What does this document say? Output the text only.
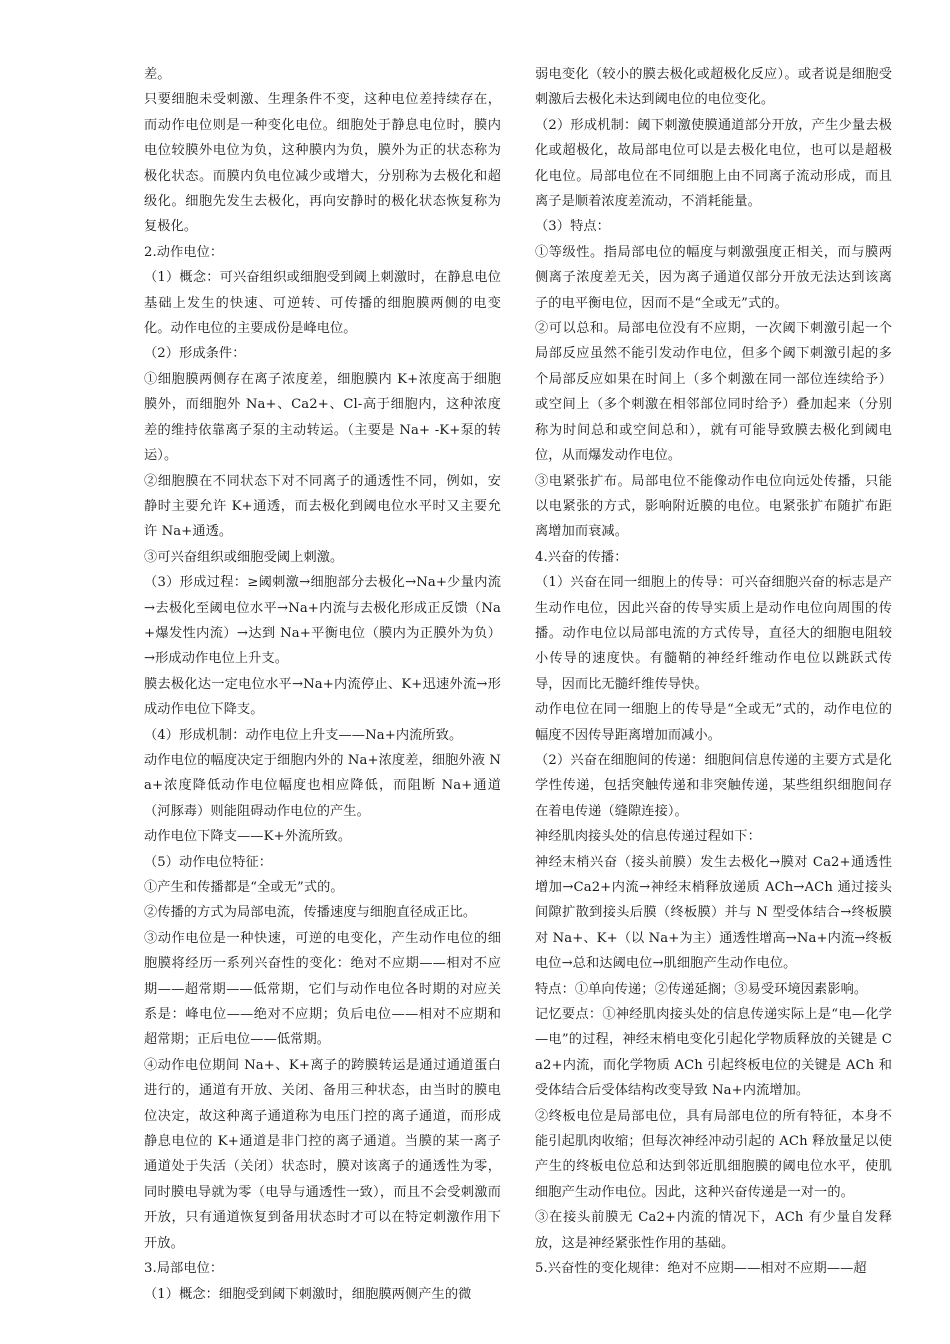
差。

只要细胞未受刺激、生理条件不变，这种电位差持续存在，而动作电位则是一种变化电位。细胞处于静息电位时，膜内电位较膜外电位为负，这种膜内为负，膜外为正的状态称为极化状态。而膜内负电位减少或增大，分别称为去极化和超级化。细胞先发生去极化，再向安静时的极化状态恢复称为复极化。

2.动作电位：

（1）概念：可兴奋组织或细胞受到阈上刺激时，在静息电位基础上发生的快速、可逆转、可传播的细胞膜两侧的电变化。动作电位的主要成份是峰电位。

（2）形成条件：

①细胞膜两侧存在离子浓度差，细胞膜内 K+浓度高于细胞膜外，而细胞外 Na+、Ca2+、Cl-高于细胞内，这种浓度差的维持依靠离子泵的主动转运。（主要是 Na+ -K+泵的转运）。

②细胞膜在不同状态下对不同离子的通透性不同，例如，安静时主要允许 K+通透，而去极化到阈电位水平时又主要允许 Na+通透。

③可兴奋组织或细胞受阈上刺激。

（3）形成过程：≥阈刺激→细胞部分去极化→Na+少量内流→去极化至阈电位水平→Na+内流与去极化形成正反馈（Na+爆发性内流）→达到 Na+平衡电位（膜内为正膜外为负）→形成动作电位上升支。

膜去极化达一定电位水平→Na+内流停止、K+迅速外流→形成动作电位下降支。

（4）形成机制：动作电位上升支——Na+内流所致。

动作电位的幅度决定于细胞内外的 Na+浓度差，细胞外液 Na+浓度降低动作电位幅度也相应降低，而阻断 Na+通道（河豚毒）则能阻碍动作电位的产生。

动作电位下降支——K+外流所致。

（5）动作电位特征：

①产生和传播都是“全或无”式的。

②传播的方式为局部电流，传播速度与细胞直径成正比。

③动作电位是一种快速，可逆的电变化，产生动作电位的细胞膜将经历一系列兴奋性的变化：绝对不应期——相对不应期——超常期——低常期，它们与动作电位各时期的对应关系是：峰电位——绝对不应期；负后电位——相对不应期和超常期；正后电位——低常期。

④动作电位期间 Na+、K+离子的跨膜转运是通过通道蛋白进行的，通道有开放、关闭、备用三种状态，由当时的膜电位决定，故这种离子通道称为电压门控的离子通道，而形成静息电位的 K+通道是非门控的离子通道。当膜的某一离子通道处于失活（关闭）状态时，膜对该离子的通透性为零，同时膜电导就为零（电导与通透性一致），而且不会受刺激而开放，只有通道恢复到备用状态时才可以在特定刺激作用下开放。

3.局部电位：

（1）概念：细胞受到阈下刺激时，细胞膜两侧产生的微

弱电变化（较小的膜去极化或超极化反应）。或者说是细胞受刺激后去极化未达到阈电位的电位变化。

（2）形成机制：阈下刺激使膜通道部分开放，产生少量去极化或超极化，故局部电位可以是去极化电位，也可以是超极化电位。局部电位在不同细胞上由不同离子流动形成，而且离子是顺着浓度差流动，不消耗能量。

（3）特点：

①等级性。指局部电位的幅度与刺激强度正相关，而与膜两侧离子浓度差无关，因为离子通道仅部分开放无法达到该离子的电平衡电位，因而不是“全或无”式的。

②可以总和。局部电位没有不应期，一次阈下刺激引起一个局部反应虽然不能引发动作电位，但多个阈下刺激引起的多个局部反应如果在时间上（多个刺激在同一部位连续给予）或空间上（多个刺激在相邻部位同时给予）叠加起来（分别称为时间总和或空间总和），就有可能导致膜去极化到阈电位，从而爆发动作电位。

③电紧张扩布。局部电位不能像动作电位向远处传播，只能以电紧张的方式，影响附近膜的电位。电紧张扩布随扩布距离增加而衰减。

4.兴奋的传播：

（1）兴奋在同一细胞上的传导：可兴奋细胞兴奋的标志是产生动作电位，因此兴奋的传导实质上是动作电位向周围的传播。动作电位以局部电流的方式传导，直径大的细胞电阻较小传导的速度快。有髓鞘的神经纤维动作电位以跳跃式传导，因而比无髓纤维传导快。

动作电位在同一细胞上的传导是“全或无”式的，动作电位的幅度不因传导距离增加而减小。

（2）兴奋在细胞间的传递：细胞间信息传递的主要方式是化学性传递，包括突触传递和非突触传递，某些组织细胞间存在着电传递（缝隙连接）。

神经肌肉接头处的信息传递过程如下：

神经末梢兴奋（接头前膜）发生去极化→膜对 Ca2+通透性增加→Ca2+内流→神经末梢释放递质 ACh→ACh 通过接头间隙扩散到接头后膜（终板膜）并与 N 型受体结合→终板膜对 Na+、K+（以 Na+为主）通透性增高→Na+内流→终板电位→总和达阈电位→肌细胞产生动作电位。

特点：①单向传递；②传递延搁；③易受环境因素影响。

记忆要点：①神经肌肉接头处的信息传递实际上是“电—化学—电”的过程，神经末梢电变化引起化学物质释放的关键是 Ca2+内流，而化学物质 ACh 引起终板电位的关键是 ACh 和受体结合后受体结构改变导致 Na+内流增加。

②终板电位是局部电位，具有局部电位的所有特征，本身不能引起肌肉收缩；但每次神经冲动引起的 ACh 释放量足以使产生的终板电位总和达到邻近肌细胞膜的阈电位水平，使肌细胞产生动作电位。因此，这种兴奋传递是一对一的。

③在接头前膜无 Ca2+内流的情况下，ACh 有少量自发释放，这是神经紧张性作用的基础。

5.兴奋性的变化规律：绝对不应期——相对不应期——超
